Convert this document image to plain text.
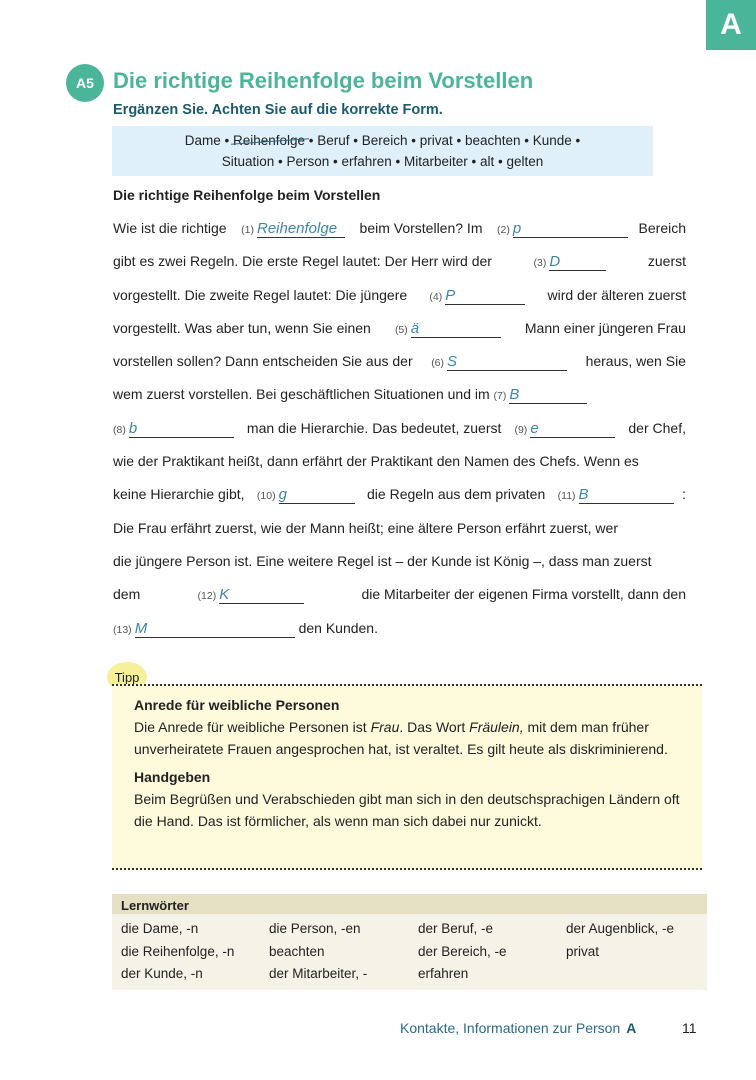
A
A5 Die richtige Reihenfolge beim Vorstellen
Ergänzen Sie. Achten Sie auf die korrekte Form.
Dame • Reihenfolge • Beruf • Bereich • privat • beachten • Kunde •
Situation • Person • erfahren • Mitarbeiter • alt • gelten
Die richtige Reihenfolge beim Vorstellen
Wie ist die richtige (1) Reihenfolge	beim Vorstellen? Im (2) p	Bereich
gibt es zwei Regeln. Die erste Regel lautet: Der Herr wird der	(3) D	zuerst
vorgestellt. Die zweite Regel lautet: Die jüngere (4) P	wird der älteren zuerst
vorgestellt. Was aber tun, wenn Sie einen (5) ä	Mann einer jüngeren Frau
vorstellen sollen? Dann entscheiden Sie aus der (6) S	heraus, wen Sie
wem zuerst vorstellen. Bei geschäftlichen Situationen und im (7) B
(8) b	man die Hierarchie. Das bedeutet, zuerst (9) e	der Chef,
wie der Praktikant heißt, dann erfährt der Praktikant den Namen des Chefs. Wenn es
keine Hierarchie gibt, (10) g	die Regeln aus dem privaten (11) B	:
Die Frau erfährt zuerst, wie der Mann heißt; eine ältere Person erfährt zuerst, wer
die jüngere Person ist. Eine weitere Regel ist – der Kunde ist König –, dass man zuerst
dem	(12) K	die Mitarbeiter der eigenen Firma vorstellt, dann den
(13) M	den Kunden.
Tipp
Anrede für weibliche Personen

Die Anrede für weibliche Personen ist Frau. Das Wort Fräulein, mit dem man früher unverheiratete Frauen angesprochen hat, ist veraltet. Es gilt heute als diskriminierend.

Handgeben

Beim Begrüßen und Verabschieden gibt man sich in den deutschsprachigen Ländern oft die Hand. Das ist förmlicher, als wenn man sich dabei nur zunickt.

Lernwörter
die Dame, -n	die Person, -en	der Beruf, -e	der Augenblick, -e
die Reihenfolge, -n	beachten	der Bereich, -e	privat
der Kunde, -n	der Mitarbeiter, -	erfahren
Kontakte, Informationen zur Person A	11
